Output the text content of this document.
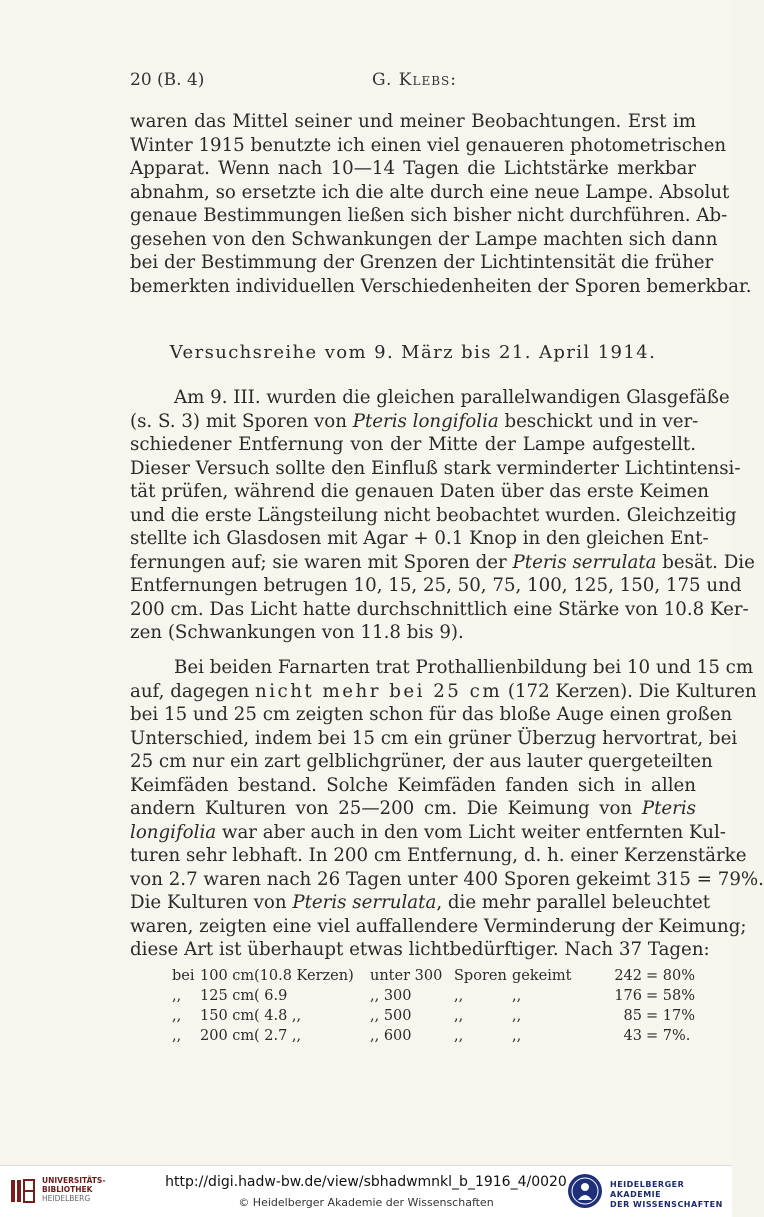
20 (B. 4)	G. Klebs:
waren das Mittel seiner und meiner Beobachtungen. Erst im
Winter 1915 benutzte ich einen viel genaueren photometrischen
Apparat. Wenn nach 10—14 Tagen die Lichtstärke merkbar
abnahm, so ersetzte ich die alte durch eine neue Lampe. Absolut
genaue Bestimmungen ließen sich bisher nicht durchführen. Ab-
gesehen von den Schwankungen der Lampe machten sich dann
bei der Bestimmung der Grenzen der Lichtintensität die früher
bemerkten individuellen Verschiedenheiten der Sporen bemerkbar.
Versuchsreihe vom 9. März bis 21. April 1914.
Am 9. III. wurden die gleichen parallelwandigen Glasgefäße
(s. S. 3) mit Sporen von Pteris longifolia beschickt und in ver-
schiedener Entfernung von der Mitte der Lampe aufgestellt.
Dieser Versuch sollte den Einfluß stark verminderter Lichtintensi-
tät prüfen, während die genauen Daten über das erste Keimen
und die erste Längsteilung nicht beobachtet wurden. Gleichzeitig
stellte ich Glasdosen mit Agar + 0.1 Knop in den gleichen Ent-
fernungen auf; sie waren mit Sporen der Pteris serrulata besät. Die
Entfernungen betrugen 10, 15, 25, 50, 75, 100, 125, 150, 175 und
200 cm. Das Licht hatte durchschnittlich eine Stärke von 10.8 Ker-
zen (Schwankungen von 11.8 bis 9).
Bei beiden Farnarten trat Prothallienbildung bei 10 und 15 cm
auf, dagegen nicht mehr bei 25 cm (172 Kerzen). Die Kulturen
bei 15 und 25 cm zeigten schon für das bloße Auge einen großen
Unterschied, indem bei 15 cm ein grüner Überzug hervortrat, bei
25 cm nur ein zart gelblichgrüner, der aus lauter quergeteilten
Keimfäden bestand. Solche Keimfäden fanden sich in allen
andern Kulturen von 25—200 cm. Die Keimung von Pteris
longifolia war aber auch in den vom Licht weiter entfernten Kul-
turen sehr lebhaft. In 200 cm Entfernung, d. h. einer Kerzenstärke
von 2.7 waren nach 26 Tagen unter 400 Sporen gekeimt 315 = 79%.
Die Kulturen von Pteris serrulata, die mehr parallel beleuchtet
waren, zeigten eine viel auffallendere Verminderung der Keimung;
diese Art ist überhaupt etwas lichtbedürftiger. Nach 37 Tagen:
bei 100 cm (10.8 Kerzen) unter 300 Sporen gekeimt	242 = 80%
,, 125 cm ( 6.9	,, 300	,,	,,	176 = 58%
,, 150 cm ( 4.8 ,,	,, 500	,,	,,	85 = 17%
,, 200 cm ( 2.7 ,,	,, 600	,,	,,	43 = 7%.
UNIVERSITÄTS-
BIBLIOTHEK
HEIDELBERG
http://digi.hadw-bw.de/view/sbhadwmnkl_b_1916_4/0020
© Heidelberger Akademie der Wissenschaften
HEIDELBERGER AKADEMIE
DER WISSENSCHAFTEN
